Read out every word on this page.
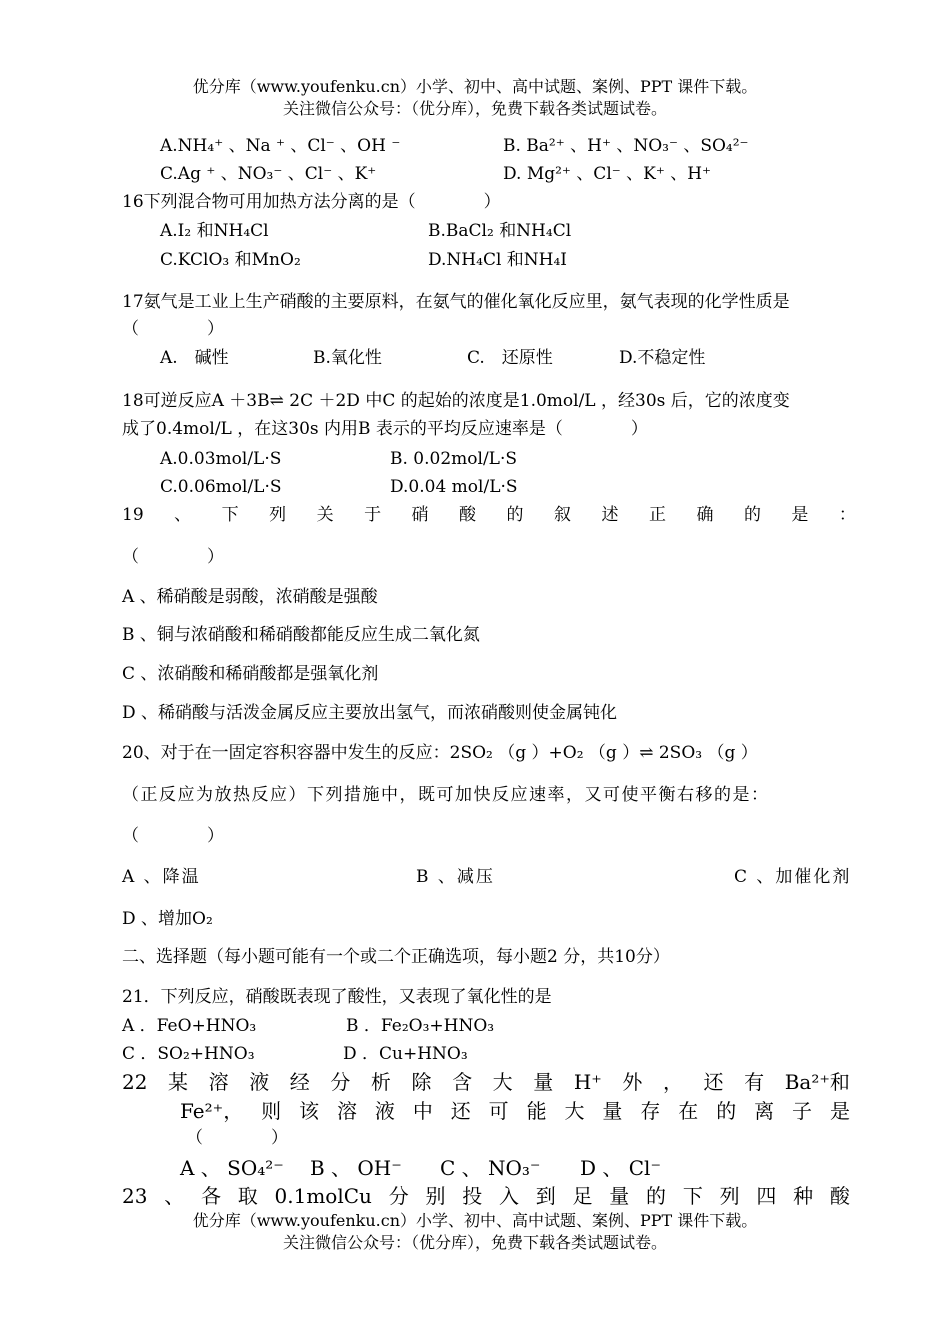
优分库（www.youfenku.cn）小学、初中、高中试题、案例、PPT 课件下载。
关注微信公众号：（优分库），免费下载各类试题试卷。
A.NH₄⁺ 、Na ⁺ 、Cl⁻ 、OH ⁻	B. Ba²⁺ 、H⁺ 、NO₃⁻ 、SO₄²⁻
C.Ag ⁺ 、NO₃⁻ 、Cl⁻ 、K⁺	D. Mg²⁺ 、Cl⁻ 、K⁺ 、H⁺
16下列混合物可用加热方法分离的是（　　　　）
A.I₂ 和NH₄Cl	B.BaCl₂ 和NH₄Cl
C.KClO₃ 和MnO₂	D.NH₄Cl 和NH₄I
17氨气是工业上生产硝酸的主要原料，在氨气的催化氧化反应里，氨气表现的化学性质是
（　　　　）
A.　碱性	B.氧化性	C.　还原性	D.不稳定性
18可逆反应A ＋3B⇌ 2C ＋2D 中C 的起始的浓度是1.0mol/L ，经30s 后，它的浓度变
成了0.4mol/L ，在这30s 内用B 表示的平均反应速率是（　　　　）
A.0.03mol/L·S	B. 0.02mol/L·S
C.0.06mol/L·S	D.0.04 mol/L·S
19 、 下 列 关 于 硝 酸 的 叙 述 正 确 的 是 ：
（　　　　）
A 、稀硝酸是弱酸，浓硝酸是强酸
B 、铜与浓硝酸和稀硝酸都能反应生成二氧化氮
C 、浓硝酸和稀硝酸都是强氧化剂
D 、稀硝酸与活泼金属反应主要放出氢气，而浓硝酸则使金属钝化
20、对于在一固定容积容器中发生的反应：2SO₂ （g ）+O₂ （g ）⇌ 2SO₃ （g ）
（正反应为放热反应）下列措施中，既可加快反应速率，又可使平衡右移的是：
（　　　　）
A 、降温	B 、减压	C 、加催化剂
D 、增加O₂
二、选择题（每小题可能有一个或二个正确选项，每小题2 分，共10分）
21．下列反应，硝酸既表现了酸性，又表现了氧化性的是
A ．FeO+HNO₃	B ．Fe₂O₃+HNO₃
C ．SO₂+HNO₃	D ．Cu+HNO₃
22 某 溶 液 经 分 析 除 含 大 量 H⁺ 外 ， 还 有 Ba²⁺和
Fe²⁺， 则 该 溶 液 中 还 可 能 大 量 存 在 的 离 子 是
（　　　　）
A 、 SO₄²⁻ B 、 OH⁻ C 、 NO₃⁻ D 、 Cl⁻
23 、 各 取 0.1molCu 分 别 投 入 到 足 量 的 下 列 四 种 酸
优分库（www.youfenku.cn）小学、初中、高中试题、案例、PPT 课件下载。
关注微信公众号：（优分库），免费下载各类试题试卷。
